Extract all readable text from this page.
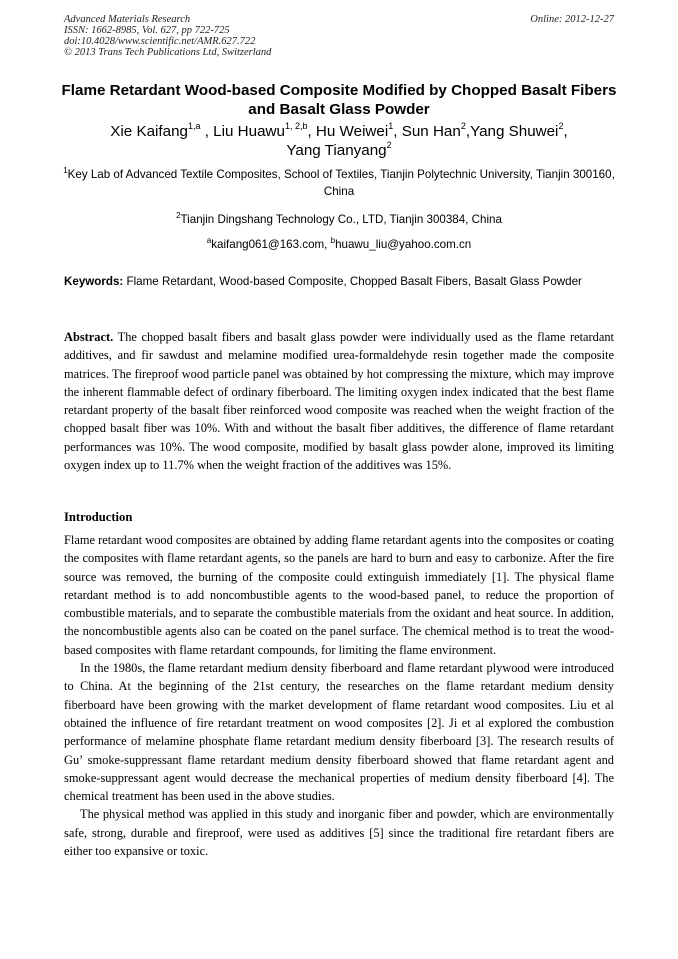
Advanced Materials Research
ISSN: 1662-8985, Vol. 627, pp 722-725
doi:10.4028/www.scientific.net/AMR.627.722
© 2013 Trans Tech Publications Ltd, Switzerland
Online: 2012-12-27
Flame Retardant Wood-based Composite Modified by Chopped Basalt Fibers and Basalt Glass Powder
Xie Kaifang$^{1,a}$ , Liu Huawu$^{1, 2,b}$, Hu Weiwei$^1$, Sun Han$^2$,Yang Shuwei$^2$,
Yang Tianyang$^2$
$^1$Key Lab of Advanced Textile Composites, School of Textiles, Tianjin Polytechnic University, Tianjin 300160, China
$^2$Tianjin Dingshang Technology Co., LTD, Tianjin 300384, China
$^a$kaifang061@163.com, $^b$huawu_liu@yahoo.com.cn
Keywords: Flame Retardant, Wood-based Composite, Chopped Basalt Fibers, Basalt Glass Powder

Abstract. The chopped basalt fibers and basalt glass powder were individually used as the flame retardant additives, and fir sawdust and melamine modified urea-formaldehyde resin together made the composite matrices. The fireproof wood particle panel was obtained by hot compressing the mixture, which may improve the inherent flammable defect of ordinary fiberboard. The limiting oxygen index indicated that the best flame retardant property of the basalt fiber reinforced wood composite was reached when the weight fraction of the chopped basalt fiber was 10%. With and without the basalt fiber additives, the difference of flame retardant performances was 10%. The wood composite, modified by basalt glass powder alone, improved its limiting oxygen index up to 11.7% when the weight fraction of the additives was 15%.

Introduction

Flame retardant wood composites are obtained by adding flame retardant agents into the composites or coating the composites with flame retardant agents, so the panels are hard to burn and easy to carbonize. After the fire source was removed, the burning of the composite could extinguish immediately [1]. The physical flame retardant method is to add noncombustible agents to the wood-based panel, to reduce the proportion of combustible materials, and to separate the combustible materials from the oxidant and heat source. In addition, the noncombustible agents also can be coated on the panel surface. The chemical method is to treat the wood-based composites with flame retardant compounds, for limiting the flame environment.

In the 1980s, the flame retardant medium density fiberboard and flame retardant plywood were introduced to China. At the beginning of the 21st century, the researches on the flame retardant medium density fiberboard have been growing with the market development of flame retardant wood composites. Liu et al obtained the influence of fire retardant treatment on wood composites [2]. Ji et al explored the combustion performance of melamine phosphate flame retardant medium density fiberboard [3]. The research results of Gu’ smoke-suppressant flame retardant medium density fiberboard showed that flame retardant agent and smoke-suppressant agent would decrease the mechanical properties of medium density fiberboard [4]. The chemical treatment has been used in the above studies.

The physical method was applied in this study and inorganic fiber and powder, which are environmentally safe, strong, durable and fireproof, were used as additives [5] since the traditional fire retardant fibers are either too expansive or toxic.
